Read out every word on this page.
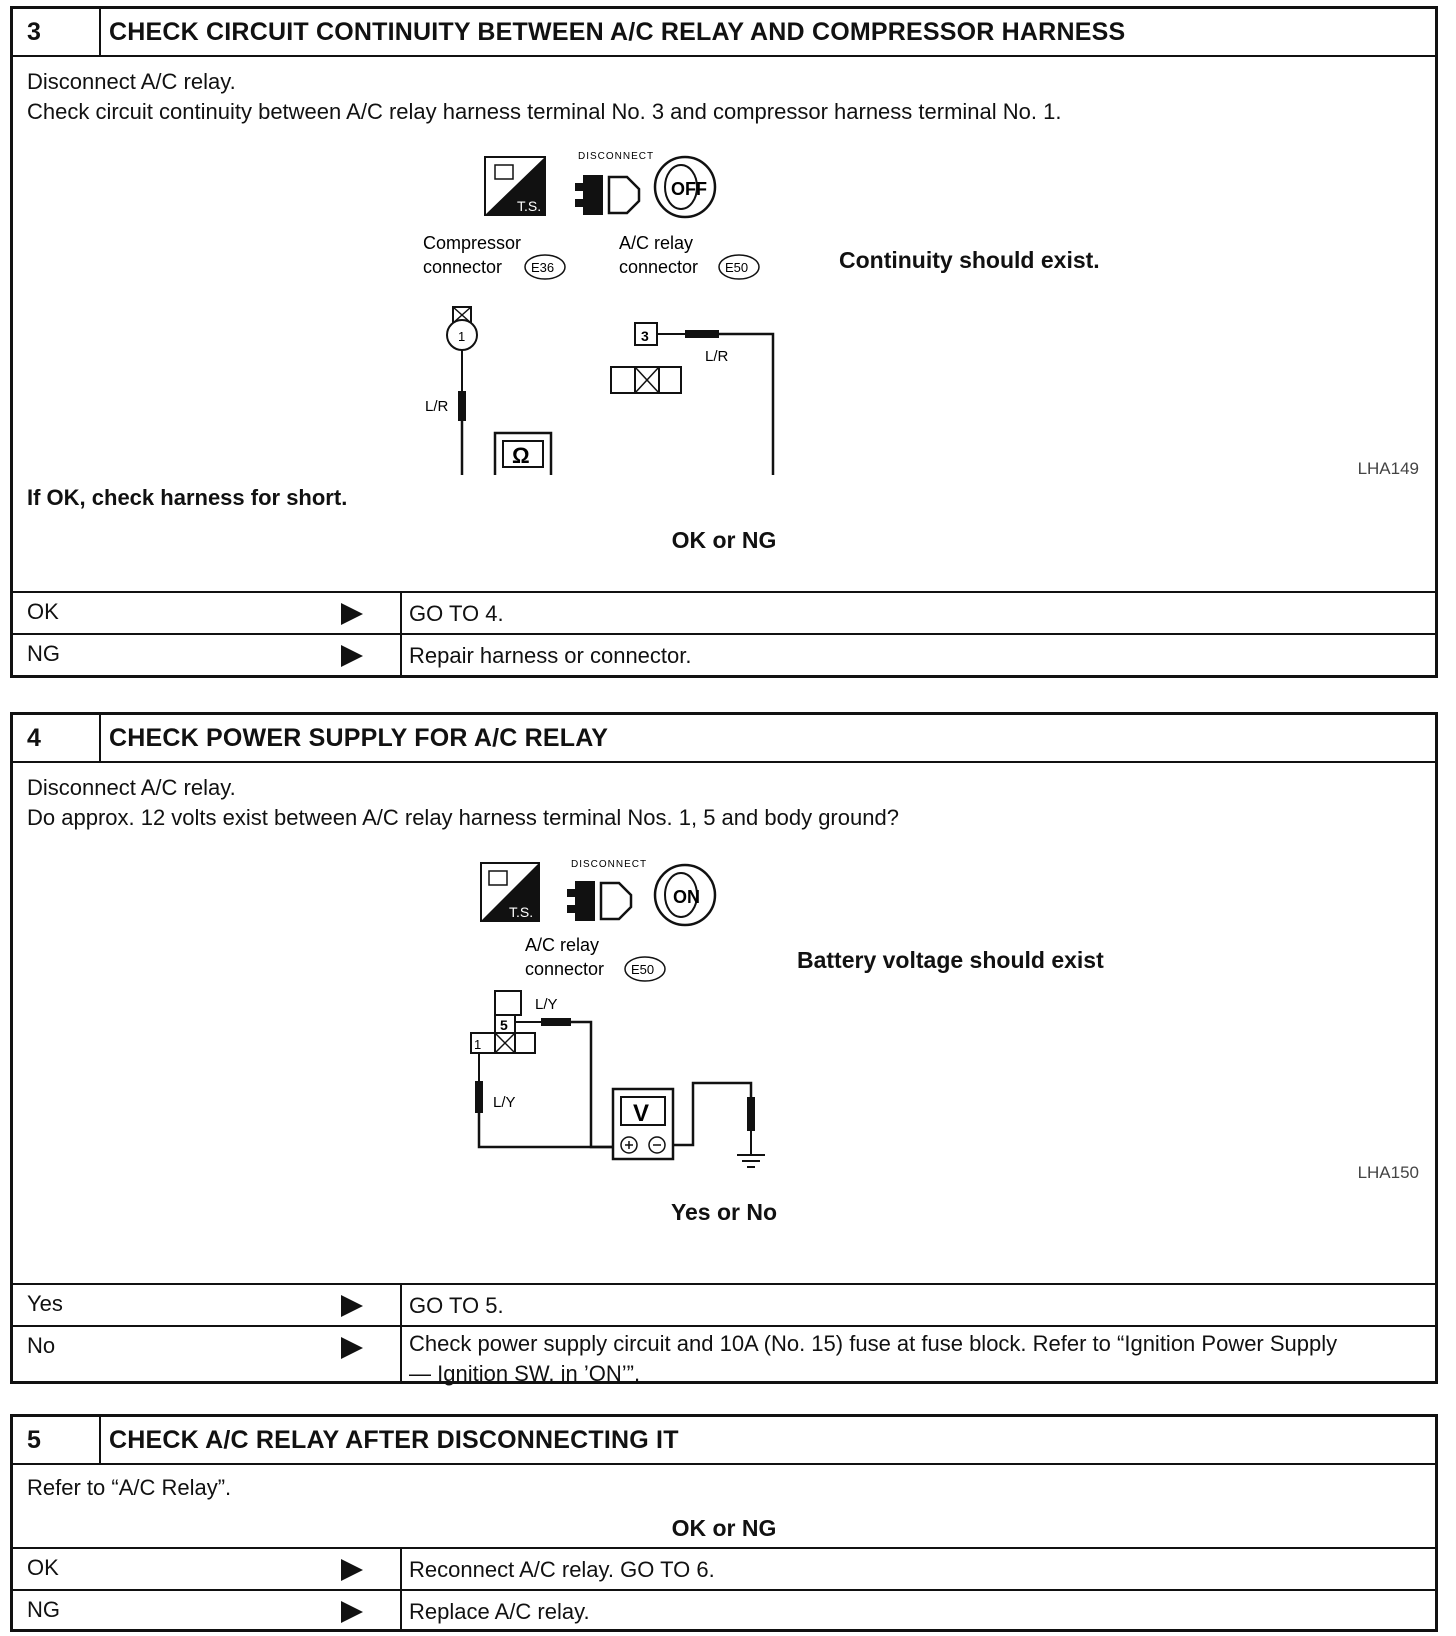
3	CHECK CIRCUIT CONTINUITY BETWEEN A/C RELAY AND COMPRESSOR HARNESS
Disconnect A/C relay.
Check circuit continuity between A/C relay harness terminal No. 3 and compressor harness terminal No. 1.
T.S.
DISCONNECT
OFF
Compressor
connector E36
A/C relay
connector E50
1
L/R
Ω
3
L/R
Continuity should exist.
LHA149
If OK, check harness for short.
OK or NG
OK	GO TO 4.
NG	Repair harness or connector.
4	CHECK POWER SUPPLY FOR A/C RELAY
Disconnect A/C relay.
Do approx. 12 volts exist between A/C relay harness terminal Nos. 1, 5 and body ground?
T.S.
DISCONNECT
ON
A/C relay
connector E50
5
1
L/Y
L/Y	V
Battery voltage should exist
LHA150
Yes or No
Yes	GO TO 5.
No	Check power supply circuit and 10A (No. 15) fuse at fuse block. Refer to “Ignition Power Supply — Ignition SW. in ’ON’”.
5	CHECK A/C RELAY AFTER DISCONNECTING IT
Refer to “A/C Relay”.
OK or NG
OK	Reconnect A/C relay. GO TO 6.
NG	Replace A/C relay.
